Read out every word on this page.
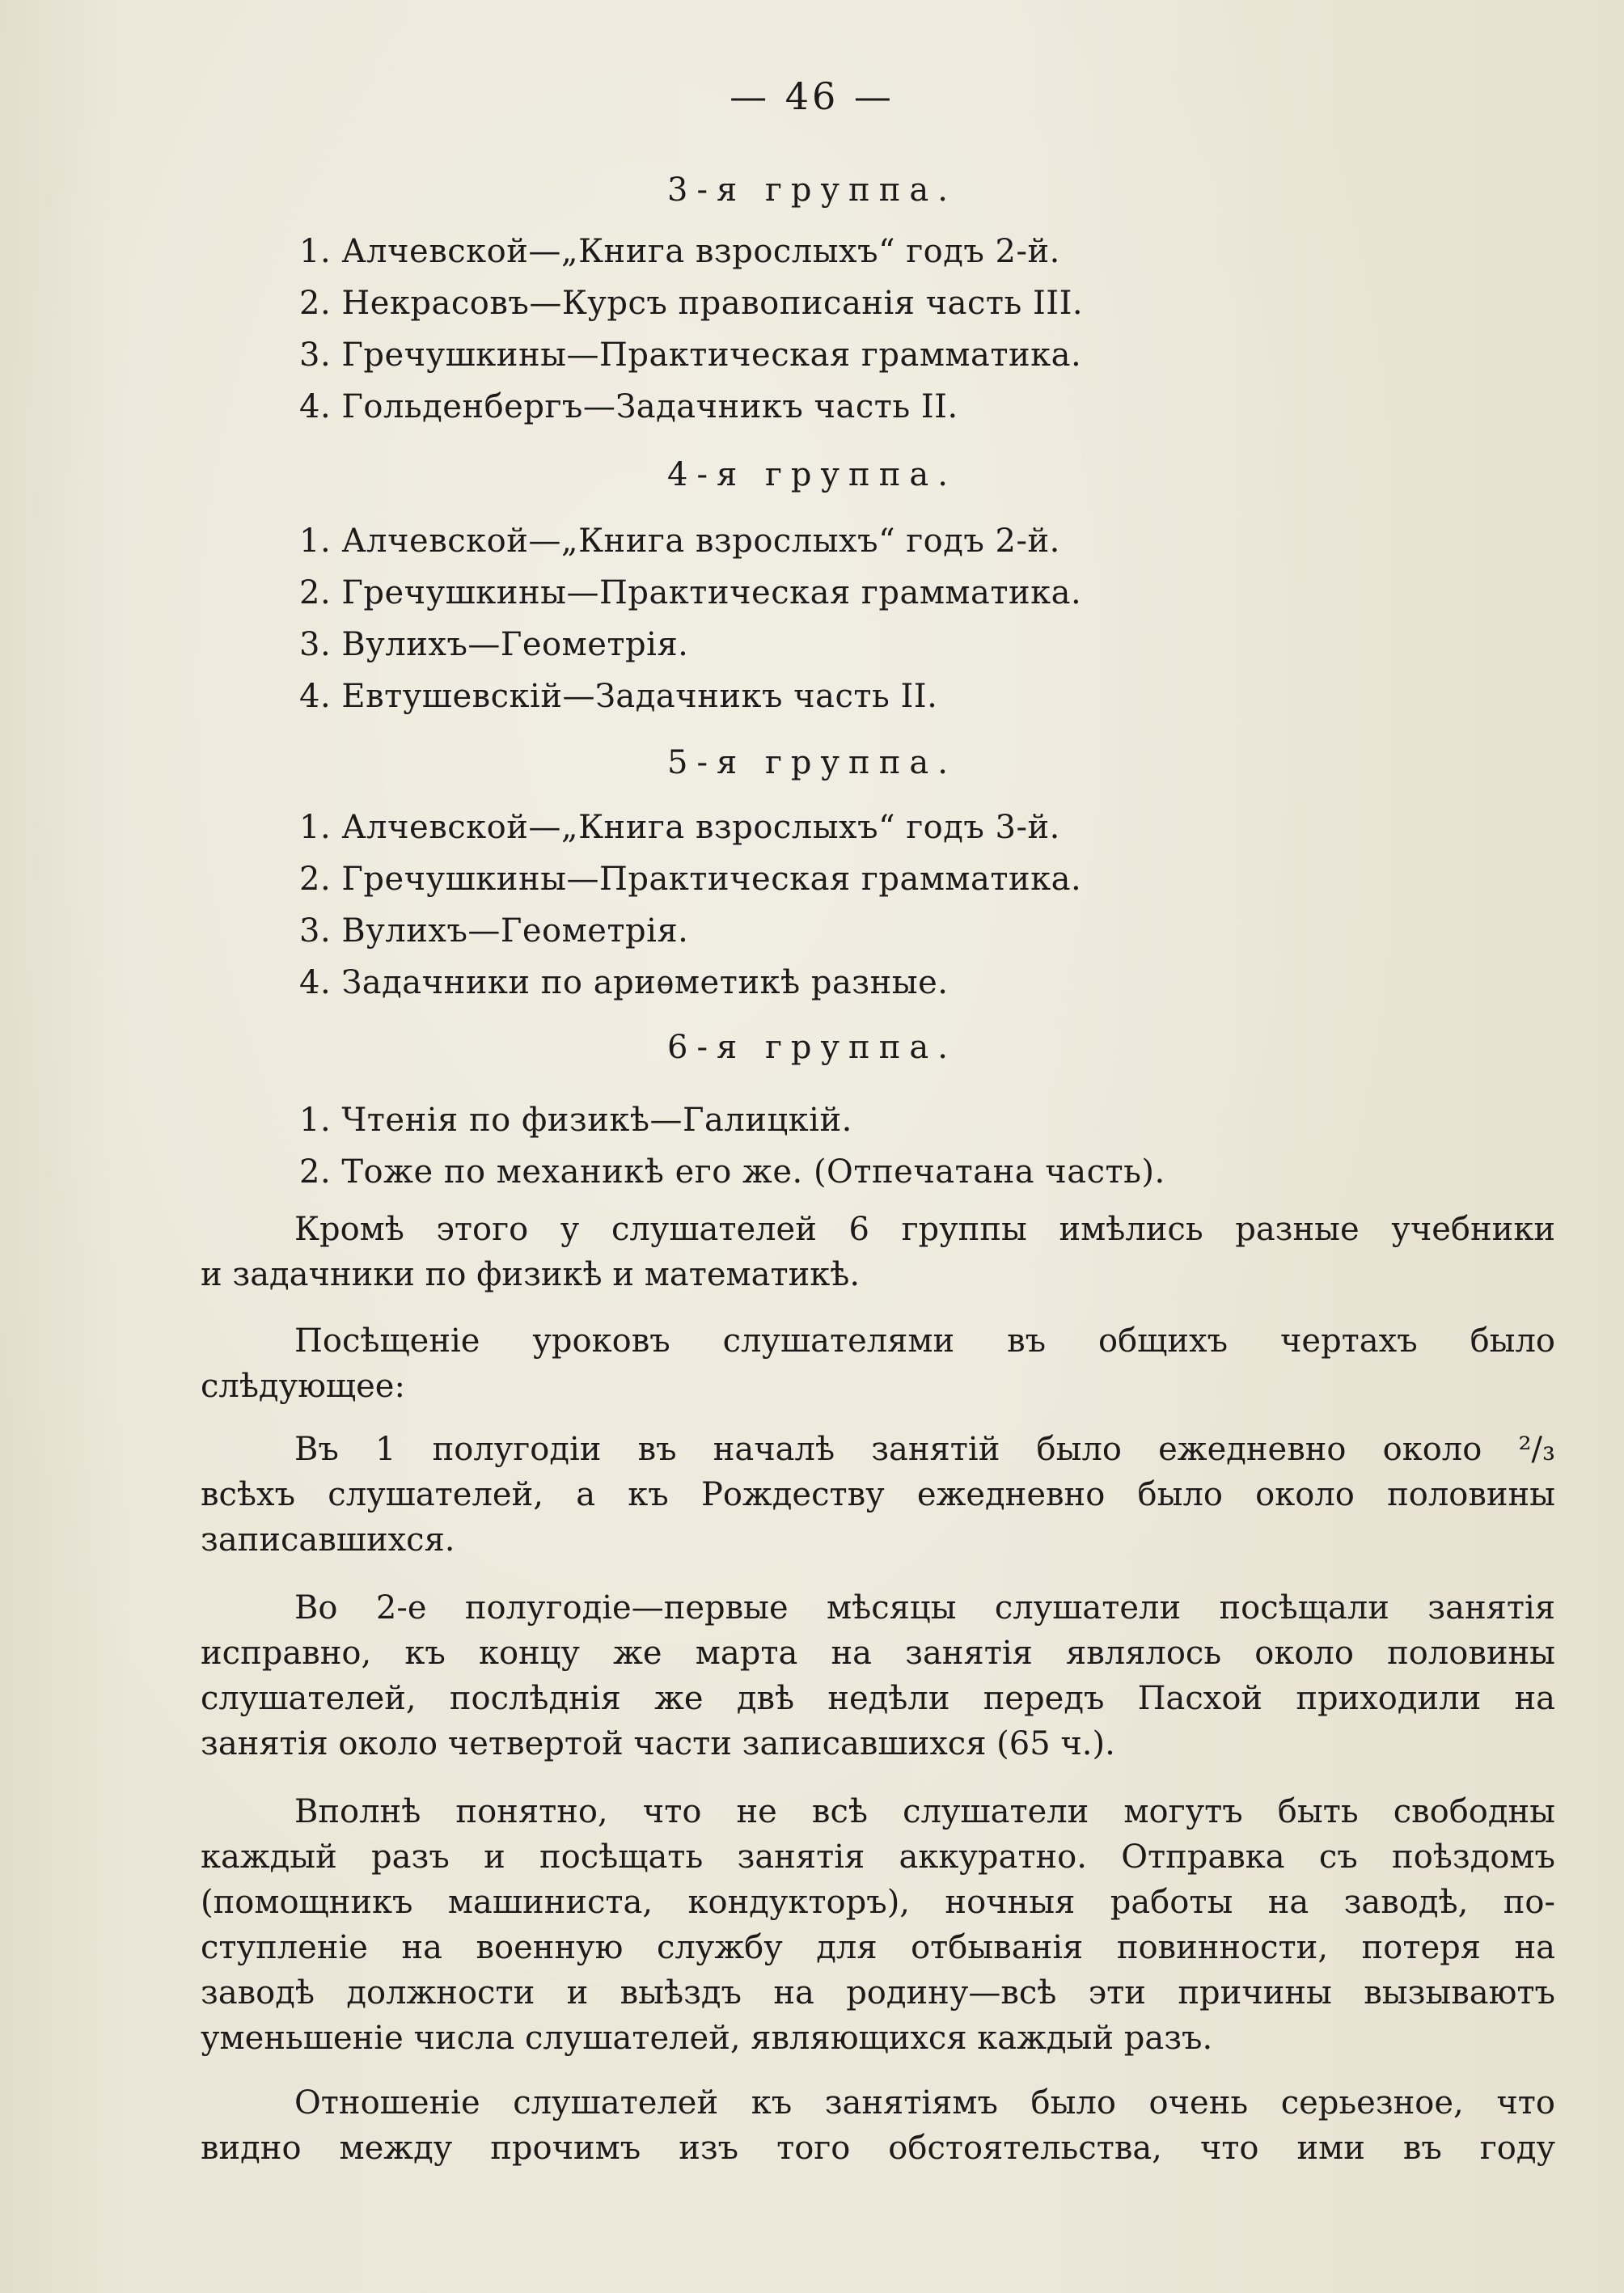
— 46 —
3-я группа.
1. Алчевской—„Книга взрослыхъ“ годъ 2-й.
2. Некрасовъ—Курсъ правописанія часть III.
3. Гречушкины—Практическая грамматика.
4. Гольденбергъ—Задачникъ часть II.
4-я группа.
1. Алчевской—„Книга взрослыхъ“ годъ 2-й.
2. Гречушкины—Практическая грамматика.
3. Вулихъ—Геометрія.
4. Евтушевскій—Задачникъ часть II.
5-я группа.
1. Алчевской—„Книга взрослыхъ“ годъ 3-й.
2. Гречушкины—Практическая грамматика.
3. Вулихъ—Геометрія.
4. Задачники по ариѳметикѣ разные.
6-я группа.
1. Чтенія по физикѣ—Галицкій.
2. Тоже по механикѣ его же. (Отпечатана часть).
Кромѣ этого у слушателей 6 группы имѣлись разные учебники
и задачники по физикѣ и математикѣ.
Посѣщеніе уроковъ слушателями въ общихъ чертахъ было
слѣдующее:
Въ 1 полугодіи въ началѣ занятій было ежедневно около ²/₃
всѣхъ слушателей, а къ Рождеству ежедневно было около половины
записавшихся.
Во 2-е полугодіе—первые мѣсяцы слушатели посѣщали занятія
исправно, къ концу же марта на занятія являлось около половины
слушателей, послѣднія же двѣ недѣли передъ Пасхой приходили на
занятія около четвертой части записавшихся (65 ч.).
Вполнѣ понятно, что не всѣ слушатели могутъ быть свободны
каждый разъ и посѣщать занятія аккуратно. Отправка съ поѣздомъ
(помощникъ машиниста, кондукторъ), ночныя работы на заводѣ, по-
ступленіе на военную службу для отбыванія повинности, потеря на
заводѣ должности и выѣздъ на родину—всѣ эти причины вызываютъ
уменьшеніе числа слушателей, являющихся каждый разъ.
Отношеніе слушателей къ занятіямъ было очень серьезное, что
видно между прочимъ изъ того обстоятельства, что ими въ году
